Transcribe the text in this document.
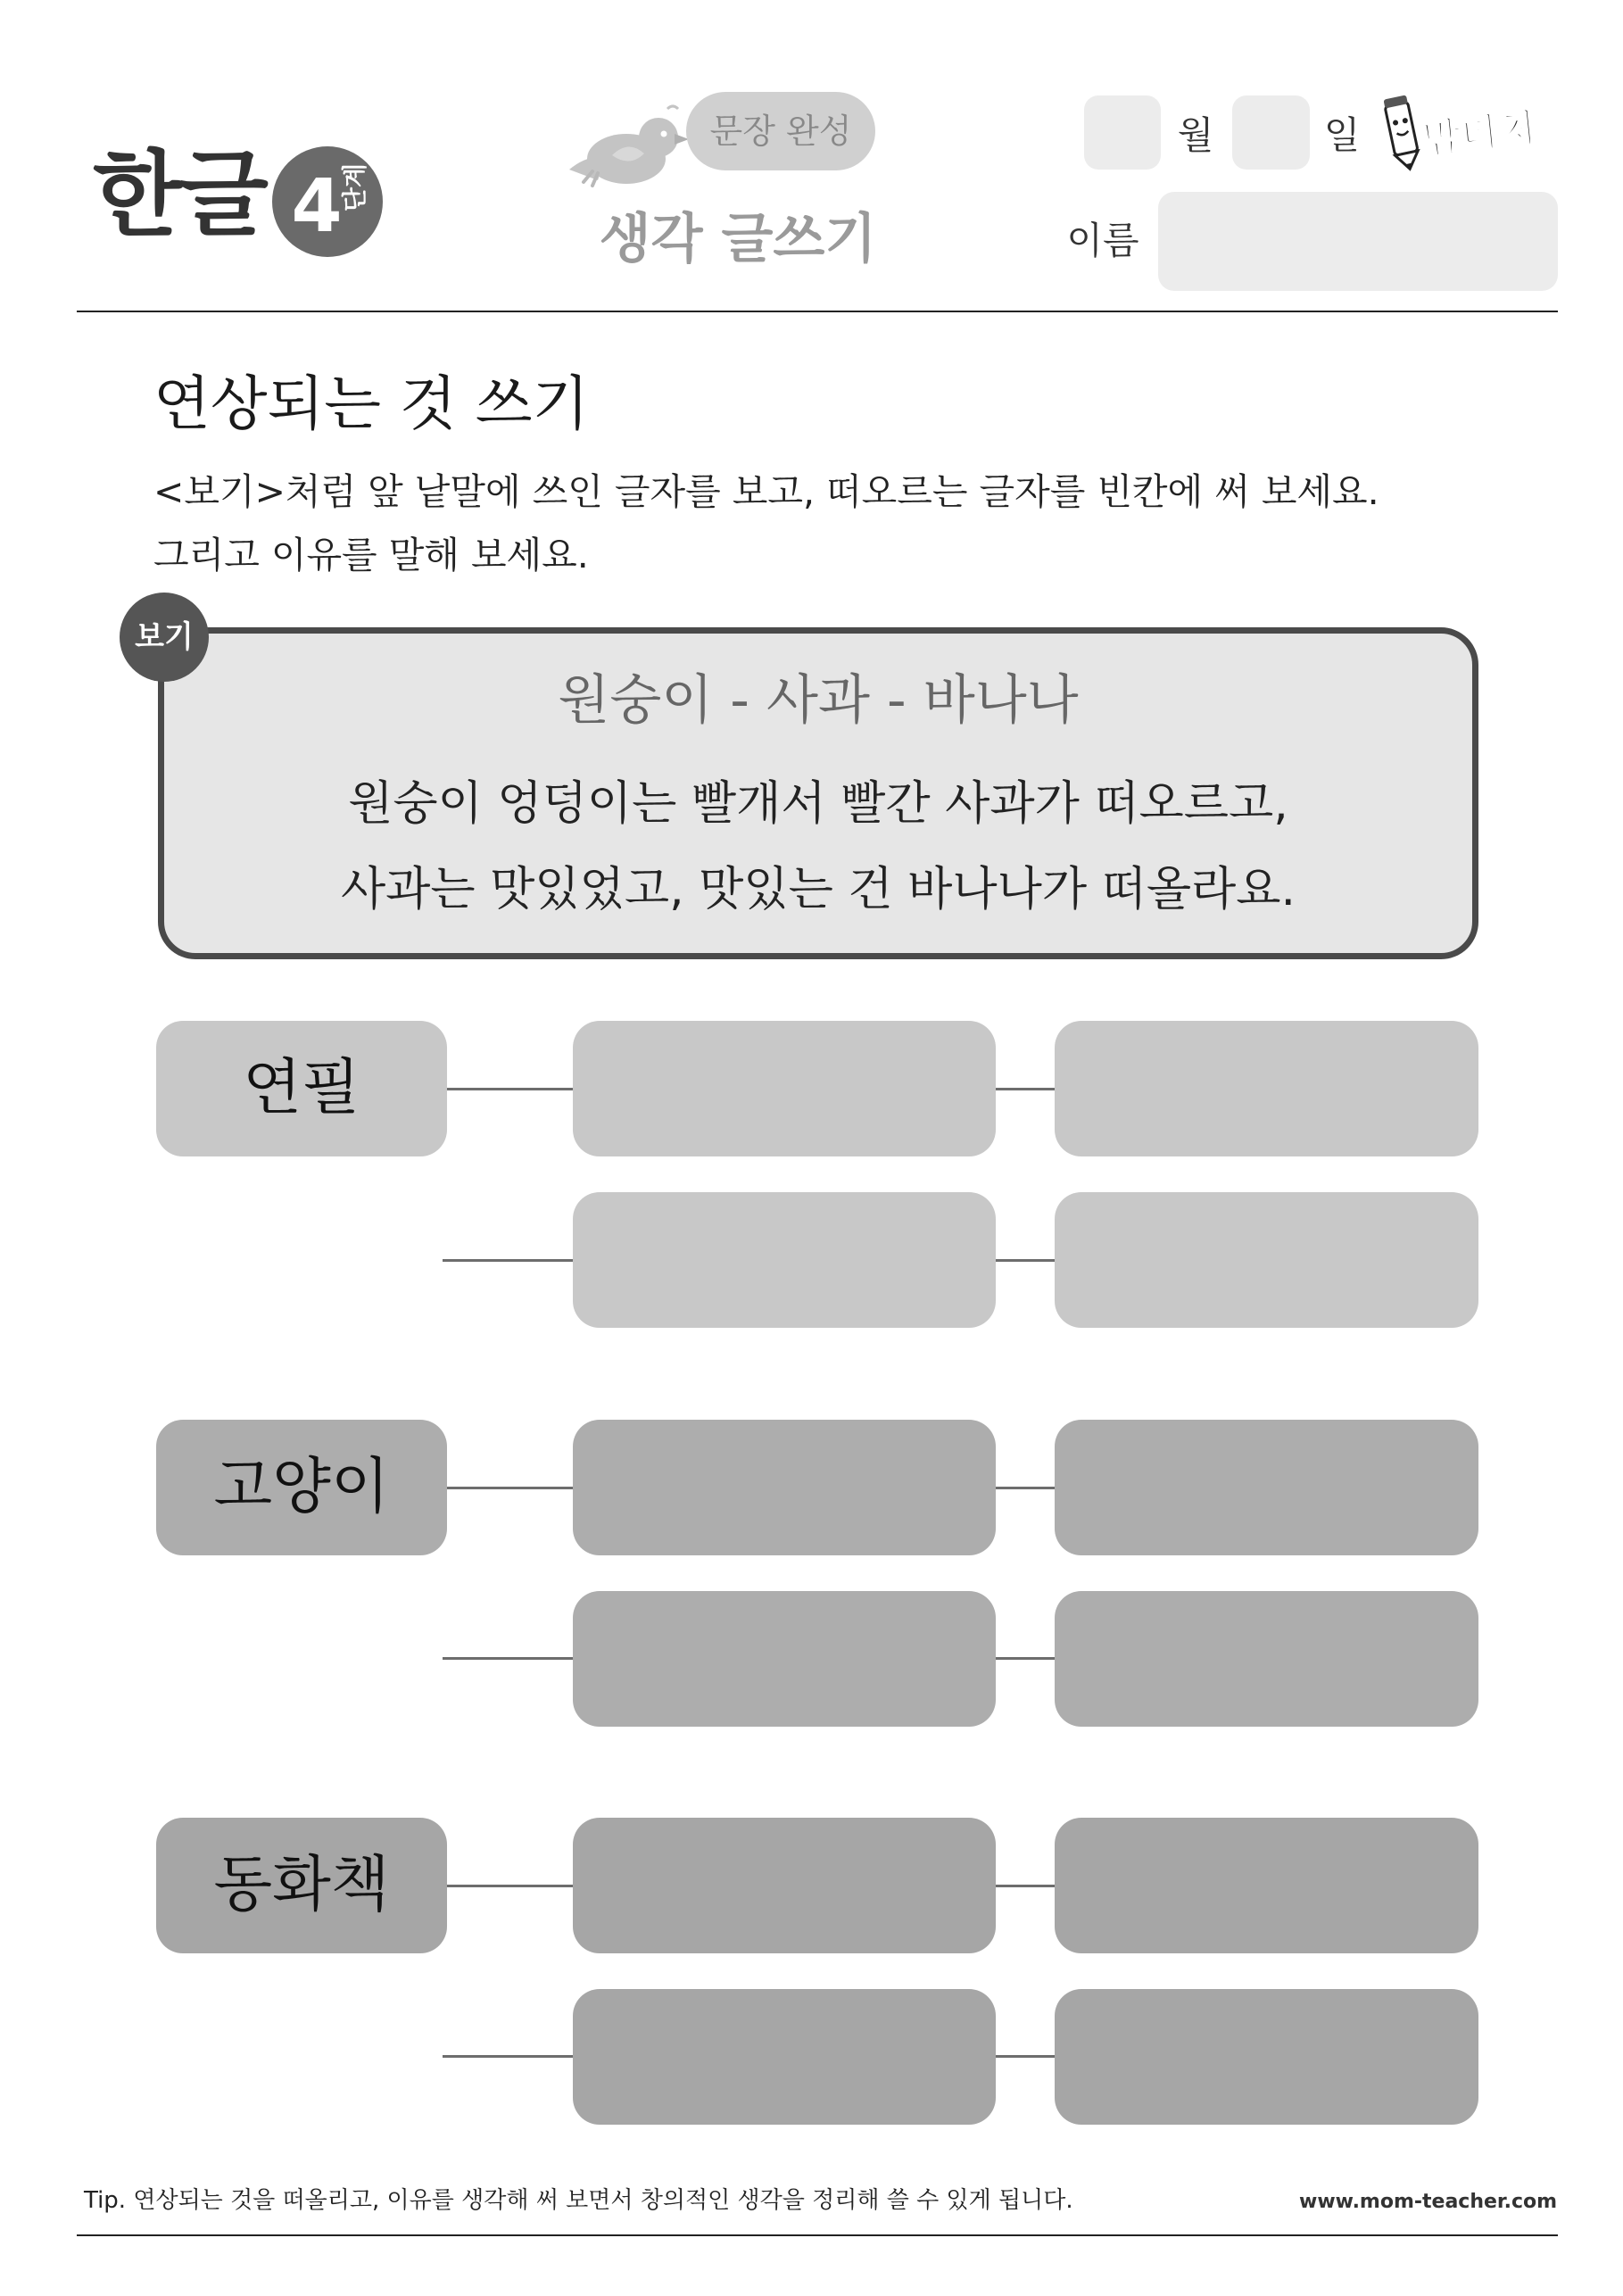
한글 4
단계
문장 완성
생각 글쓰기
월	일	맘티처
이름
연상되는 것 쓰기
<보기>처럼 앞 낱말에 쓰인 글자를 보고, 떠오르는 글자를 빈칸에 써 보세요.
그리고 이유를 말해 보세요.
보기
원숭이 - 사과 - 바나나
원숭이 엉덩이는 빨개서 빨간 사과가 떠오르고,
사과는 맛있었고, 맛있는 건 바나나가 떠올라요.
연필
고양이
동화책
Tip. 연상되는 것을 떠올리고, 이유를 생각해 써 보면서 창의적인 생각을 정리해 쓸 수 있게 됩니다.	www.mom-teacher.com
